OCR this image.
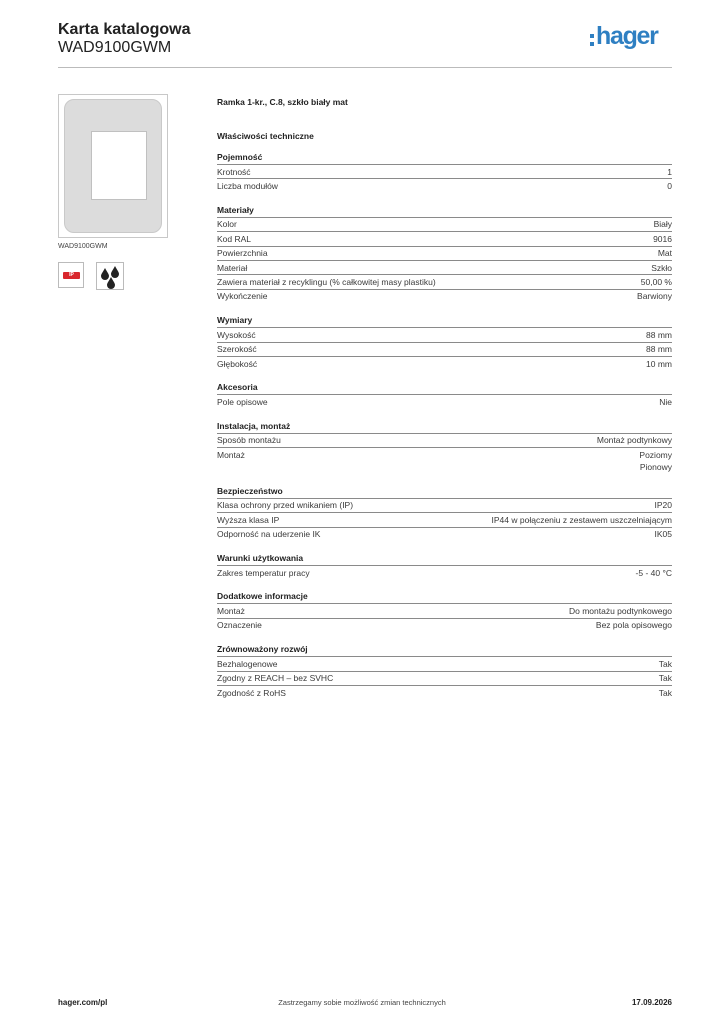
Karta katalogowa
WAD9100GWM	hager
WAD9100GWM
IP
Ramka 1-kr., C.8, szkło biały mat
Właściwości techniczne
Pojemność
Krotność	1
Liczba modułów	0
Materiały
Kolor	Biały
Kod RAL	9016
Powierzchnia	Mat
Materiał	Szkło
Zawiera materiał z recyklingu (% całkowitej masy plastiku)	50,00 %
Wykończenie	Barwiony
Wymiary
Wysokość	88 mm
Szerokość	88 mm
Głębokość	10 mm
Akcesoria
Pole opisowe	Nie
Instalacja, montaż
Sposób montażu	Montaż podtynkowy
Montaż	Poziomy
Pionowy
Bezpieczeństwo
Klasa ochrony przed wnikaniem (IP)	IP20
Wyższa klasa IP	IP44 w połączeniu z zestawem uszczelniającym
Odporność na uderzenie IK	IK05
Warunki użytkowania
Zakres temperatur pracy	-5 - 40 °C
Dodatkowe informacje
Montaż	Do montażu podtynkowego
Oznaczenie	Bez pola opisowego
Zrównoważony rozwój
Bezhalogenowe	Tak
Zgodny z REACH – bez SVHC	Tak
Zgodność z RoHS	Tak
hager.com/pl	Zastrzegamy sobie możliwość zmian technicznych	17.09.2026
